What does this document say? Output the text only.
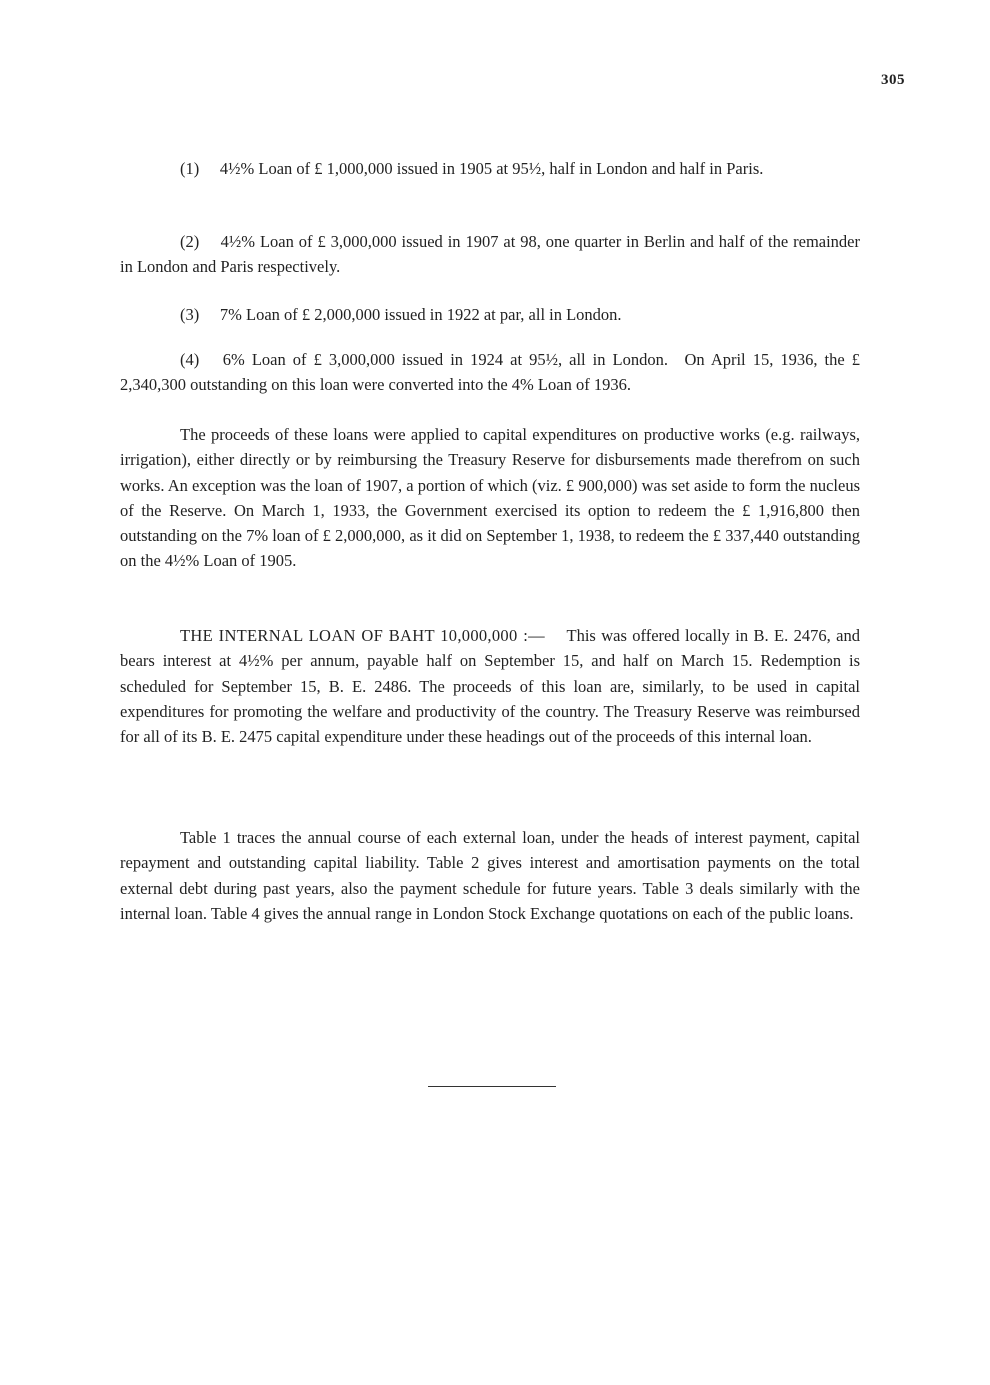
305

(1)  4½% Loan of £ 1,000,000 issued in 1905 at 95½, half in London and half in Paris.

(2)  4½% Loan of £ 3,000,000 issued in 1907 at 98, one quarter in Berlin and half of the remainder in London and Paris respectively.

(3)  7% Loan of £ 2,000,000 issued in 1922 at par, all in London.

(4)  6% Loan of £ 3,000,000 issued in 1924 at 95½, all in London. On April 15, 1936, the £ 2,340,300 outstanding on this loan were converted into the 4% Loan of 1936.

The proceeds of these loans were applied to capital expenditures on productive works (e.g. railways, irrigation), either directly or by reimbursing the Treasury Reserve for disbursements made therefrom on such works. An exception was the loan of 1907, a portion of which (viz. £ 900,000) was set aside to form the nucleus of the Reserve. On March 1, 1933, the Government exercised its option to redeem the £ 1,916,800 then outstanding on the 7% loan of £ 2,000,000, as it did on September 1, 1938, to redeem the £ 337,440 outstanding on the 4½% Loan of 1905.

THE INTERNAL LOAN OF BAHT 10,000,000 :—  This was offered locally in B. E. 2476, and bears interest at 4½% per annum, payable half on September 15, and half on March 15. Redemption is scheduled for September 15, B. E. 2486. The proceeds of this loan are, similarly, to be used in capital expenditures for promoting the welfare and productivity of the country. The Treasury Reserve was reimbursed for all of its B. E. 2475 capital expenditure under these headings out of the proceeds of this internal loan.

Table 1 traces the annual course of each external loan, under the heads of interest payment, capital repayment and outstanding capital liability. Table 2 gives interest and amortisation payments on the total external debt during past years, also the payment schedule for future years. Table 3 deals similarly with the internal loan. Table 4 gives the annual range in London Stock Exchange quotations on each of the public loans.
